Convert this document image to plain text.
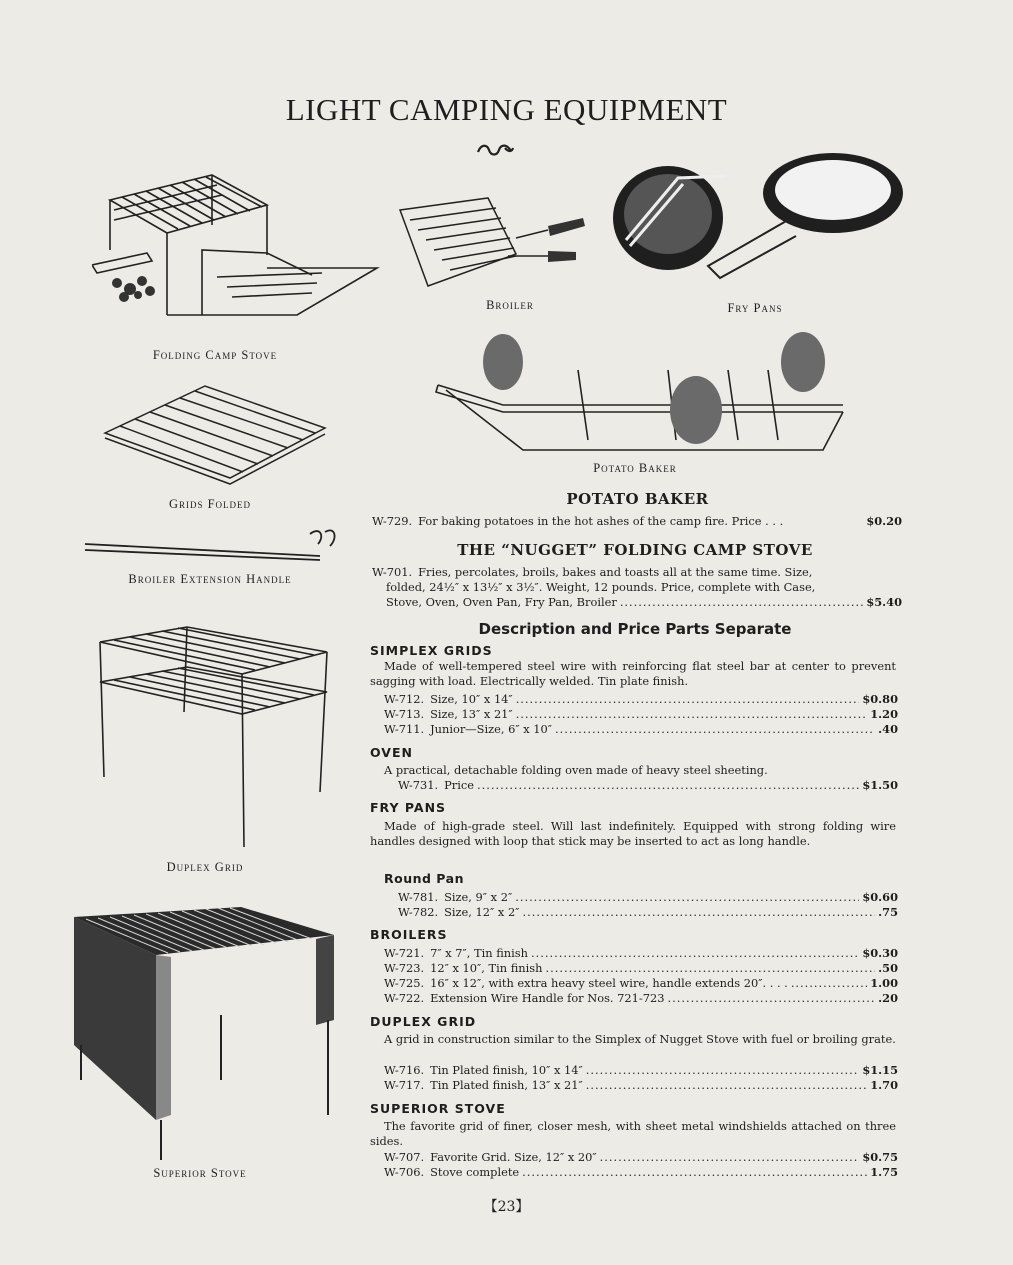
LIGHT CAMPING EQUIPMENT
Folding Camp Stove
Broiler	Fry Pans
Potato Baker
Grids Folded
Broiler Extension Handle
Duplex Grid
Superior Stove
POTATO BAKER
W-729. For baking potatoes in the hot ashes of the camp fire. Price . . .	$0.20
THE “NUGGET” FOLDING CAMP STOVE
W-701. Fries, percolates, broils, bakes and toasts all at the same time. Size,
folded, 24½″ x 13½″ x 3½″. Weight, 12 pounds. Price, complete with Case,
Stove, Oven, Oven Pan, Fry Pan, Broiler .....	$5.40
Description and Price Parts Separate
SIMPLEX GRIDS
Made of well-tempered steel wire with reinforcing flat steel bar at center to prevent sagging with load. Electrically welded. Tin plate finish.
OVEN
A practical, detachable folding oven made of heavy steel sheeting.
W-731. Price .....	$1.50
FRY PANS
Made of high-grade steel. Will last indefinitely. Equipped with strong folding wire handles designed with loop that stick may be inserted to act as long handle.
Round Pan
BROILERS
DUPLEX GRID
A grid in construction similar to the Simplex of Nugget Stove with fuel or broiling grate.
SUPERIOR STOVE
The favorite grid of finer, closer mesh, with sheet metal windshields attached on three sides.
【23】
W-712. Size, 10″ x 14″ .....	$0.80
W-713. Size, 13″ x 21″ .....	1.20
W-711. Junior—Size, 6″ x 10″ .....	.40
W-781. Size, 9″ x 2″ .....	$0.60
W-782. Size, 12″ x 2″ .....	.75
W-721. 7″ x 7″, Tin finish .....	$0.30
W-723. 12″ x 10″, Tin finish .....	.50
W-725. 16″ x 12″, with extra heavy steel wire, handle extends 20″. . . . .....	1.00
W-722. Extension Wire Handle for Nos. 721-723 .....	.20
W-716. Tin Plated finish, 10″ x 14″ .....	$1.15
W-717. Tin Plated finish, 13″ x 21″ .....	1.70
W-707. Favorite Grid. Size, 12″ x 20″ .....	$0.75
W-706. Stove complete .....	1.75
